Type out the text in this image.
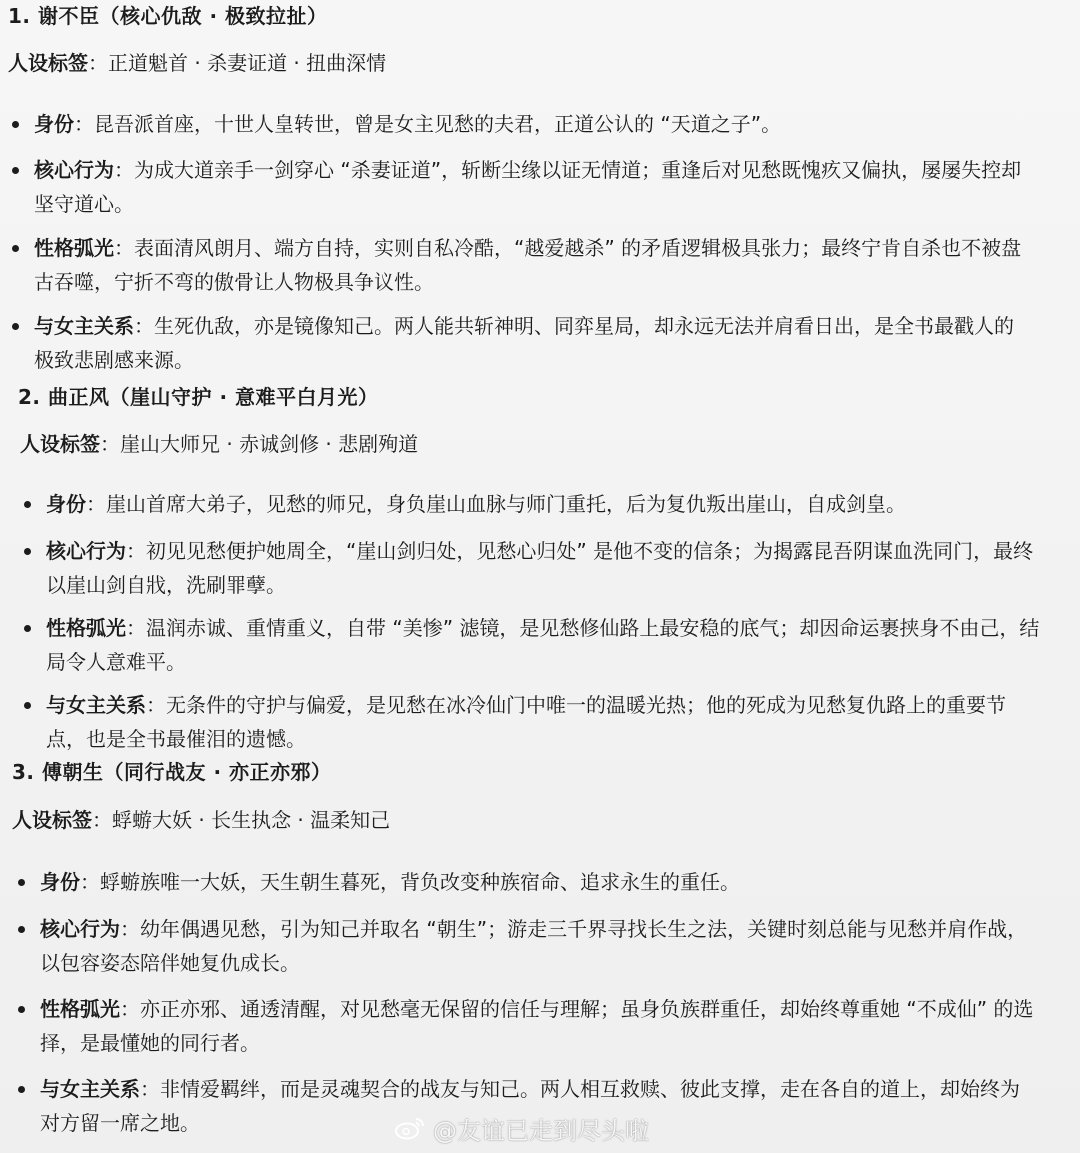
1. 谢不臣（核心仇敌 · 极致拉扯）
人设标签：正道魁首 · 杀妻证道 · 扭曲深情
身份：昆吾派首座，十世人皇转世，曾是女主见愁的夫君，正道公认的 “天道之子”。
核心行为：为成大道亲手一剑穿心 “杀妻证道”，斩断尘缘以证无情道；重逢后对见愁既愧疚又偏执，屡屡失控却坚守道心。
性格弧光：表面清风朗月、端方自持，实则自私冷酷，“越爱越杀” 的矛盾逻辑极具张力；最终宁肯自杀也不被盘古吞噬，宁折不弯的傲骨让人物极具争议性。
与女主关系：生死仇敌，亦是镜像知己。两人能共斩神明、同弈星局，却永远无法并肩看日出，是全书最戳人的极致悲剧感来源。
2. 曲正风（崖山守护 · 意难平白月光）
人设标签：崖山大师兄 · 赤诚剑修 · 悲剧殉道
身份：崖山首席大弟子，见愁的师兄，身负崖山血脉与师门重托，后为复仇叛出崖山，自成剑皇。
核心行为：初见见愁便护她周全，“崖山剑归处，见愁心归处” 是他不变的信条；为揭露昆吾阴谋血洗同门，最终以崖山剑自戕，洗刷罪孽。
性格弧光：温润赤诚、重情重义，自带 “美惨” 滤镜，是见愁修仙路上最安稳的底气；却因命运裹挟身不由己，结局令人意难平。
与女主关系：无条件的守护与偏爱，是见愁在冰冷仙门中唯一的温暖光热；他的死成为见愁复仇路上的重要节点，也是全书最催泪的遗憾。
3. 傅朝生（同行战友 · 亦正亦邪）
人设标签：蜉蝣大妖 · 长生执念 · 温柔知己
身份：蜉蝣族唯一大妖，天生朝生暮死，背负改变种族宿命、追求永生的重任。
核心行为：幼年偶遇见愁，引为知己并取名 “朝生”；游走三千界寻找长生之法，关键时刻总能与见愁并肩作战，以包容姿态陪伴她复仇成长。
性格弧光：亦正亦邪、通透清醒，对见愁毫无保留的信任与理解；虽身负族群重任，却始终尊重她 “不成仙” 的选择，是最懂她的同行者。
与女主关系：非情爱羁绊，而是灵魂契合的战友与知己。两人相互救赎、彼此支撑，走在各自的道上，却始终为对方留一席之地。	@友谊已走到尽头啦
